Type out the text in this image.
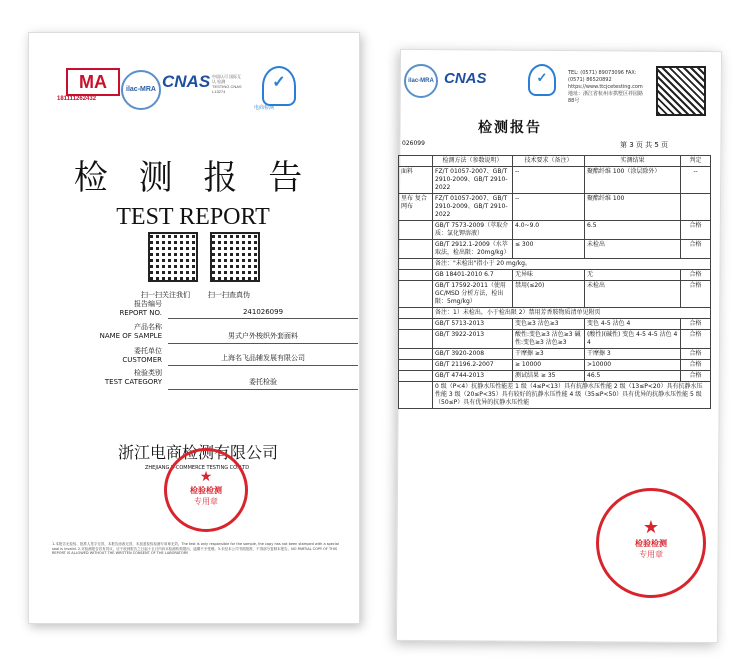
MA
181111262432
ilac-MRA CNAS 中国认可 国际互认 检测 TESTING CNAS L13274
✓
电商检测
检 测 报 告
TEST REPORT
扫一扫关注我们	扫一扫查真伪
报告编号
REPORT NO.	241026099
产品名称
NAME OF SAMPLE	男式户外梭织外套面料
委托单位
CUSTOMER	上海名飞品辅发展有限公司
检验类别
TEST CATEGORY	委托检验
浙江电商检测有限公司
ZHEJIANG E-COMMERCE TESTING CO.,LTD
★
检验检测
专用章
1.本报告无检验、批准人签字无效，本报告涂改无效，未加盖检验检测专用章无效。The test is only responsible for the sample, the copy has not been stamped with a special seal is invalid. 2.对检测报告若有异议，应于收到报告之日起十五日内向本检测机构提出，逾期不予受理。3.未经本公司书面批准，不得部分复制本报告。NO PARTIAL COPY OF THIS REPORT IS ALLOWED WITHOUT THE WRITTEN CONSENT OF THE LABORATORY.
ilac-MRA CNAS	✓	TEL: (0571) 89073096 FAX: (0571) 86520892 https://www.ttcjcetesting.com 地址：浙江省杭州市拱墅区祥园路88号
检测报告
026099	第 3 页 共 5 页
	检测方法（参数说明）	技术要求（备注）	实测结果	判定
面料	FZ/T 01057-2007、GB/T 2910-2009、GB/T 2910-2022	--	聚酯纤维 100（涂层除外）	--
里布 复合 网布	FZ/T 01057-2007、GB/T 2910-2009、GB/T 2910-2022	--	聚酯纤维 100	
	GB/T 7573-2009（萃取介质：氯化钾溶液）	4.0~9.0	6.5	合格
	GB/T 2912.1-2009（水萃取法，检出限：20mg/kg）	≤ 300	未检出	合格
	备注："未检出"指小于 20 mg/kg。			
	GB 18401-2010 6.7	无异味	无	合格
	GB/T 17592-2011（使用 GC/MSD 分析方法，检出限：5mg/kg）	禁用(≤20)	未检出	合格
	备注：1）未检出，小于检出限 2）禁用芳香胺物质清单见附页			
	GB/T 5713-2013	变色≥3 沾色≥3	变色 4-5 沾色 4	合格
	GB/T 3922-2013	酸性:变色≥3 沾色≥3 碱性:变色≥3 沾色≥3	(酸性)(碱性) 变色 4-5 4-5 沾色 4 4	合格
	GB/T 3920-2008	干摩擦 ≥3	干摩擦 3	合格
	GB/T 21196.2-2007	≥ 10000	>10000	合格
	GB/T 4744-2013	测试结果 ≥ 35	46.5	合格
	0 级（P<4）抗静水压性能差 1 级（4≤P<13）具有抗静水压性能 2 级（13≤P<20）具有抗静水压性能 3 级（20≤P<35）具有较好的抗静水压性能 4 级（35≤P<50）具有优异的抗静水压性能 5 级（50≤P）具有优异的抗静水压性能			
★
检验检测
专用章
